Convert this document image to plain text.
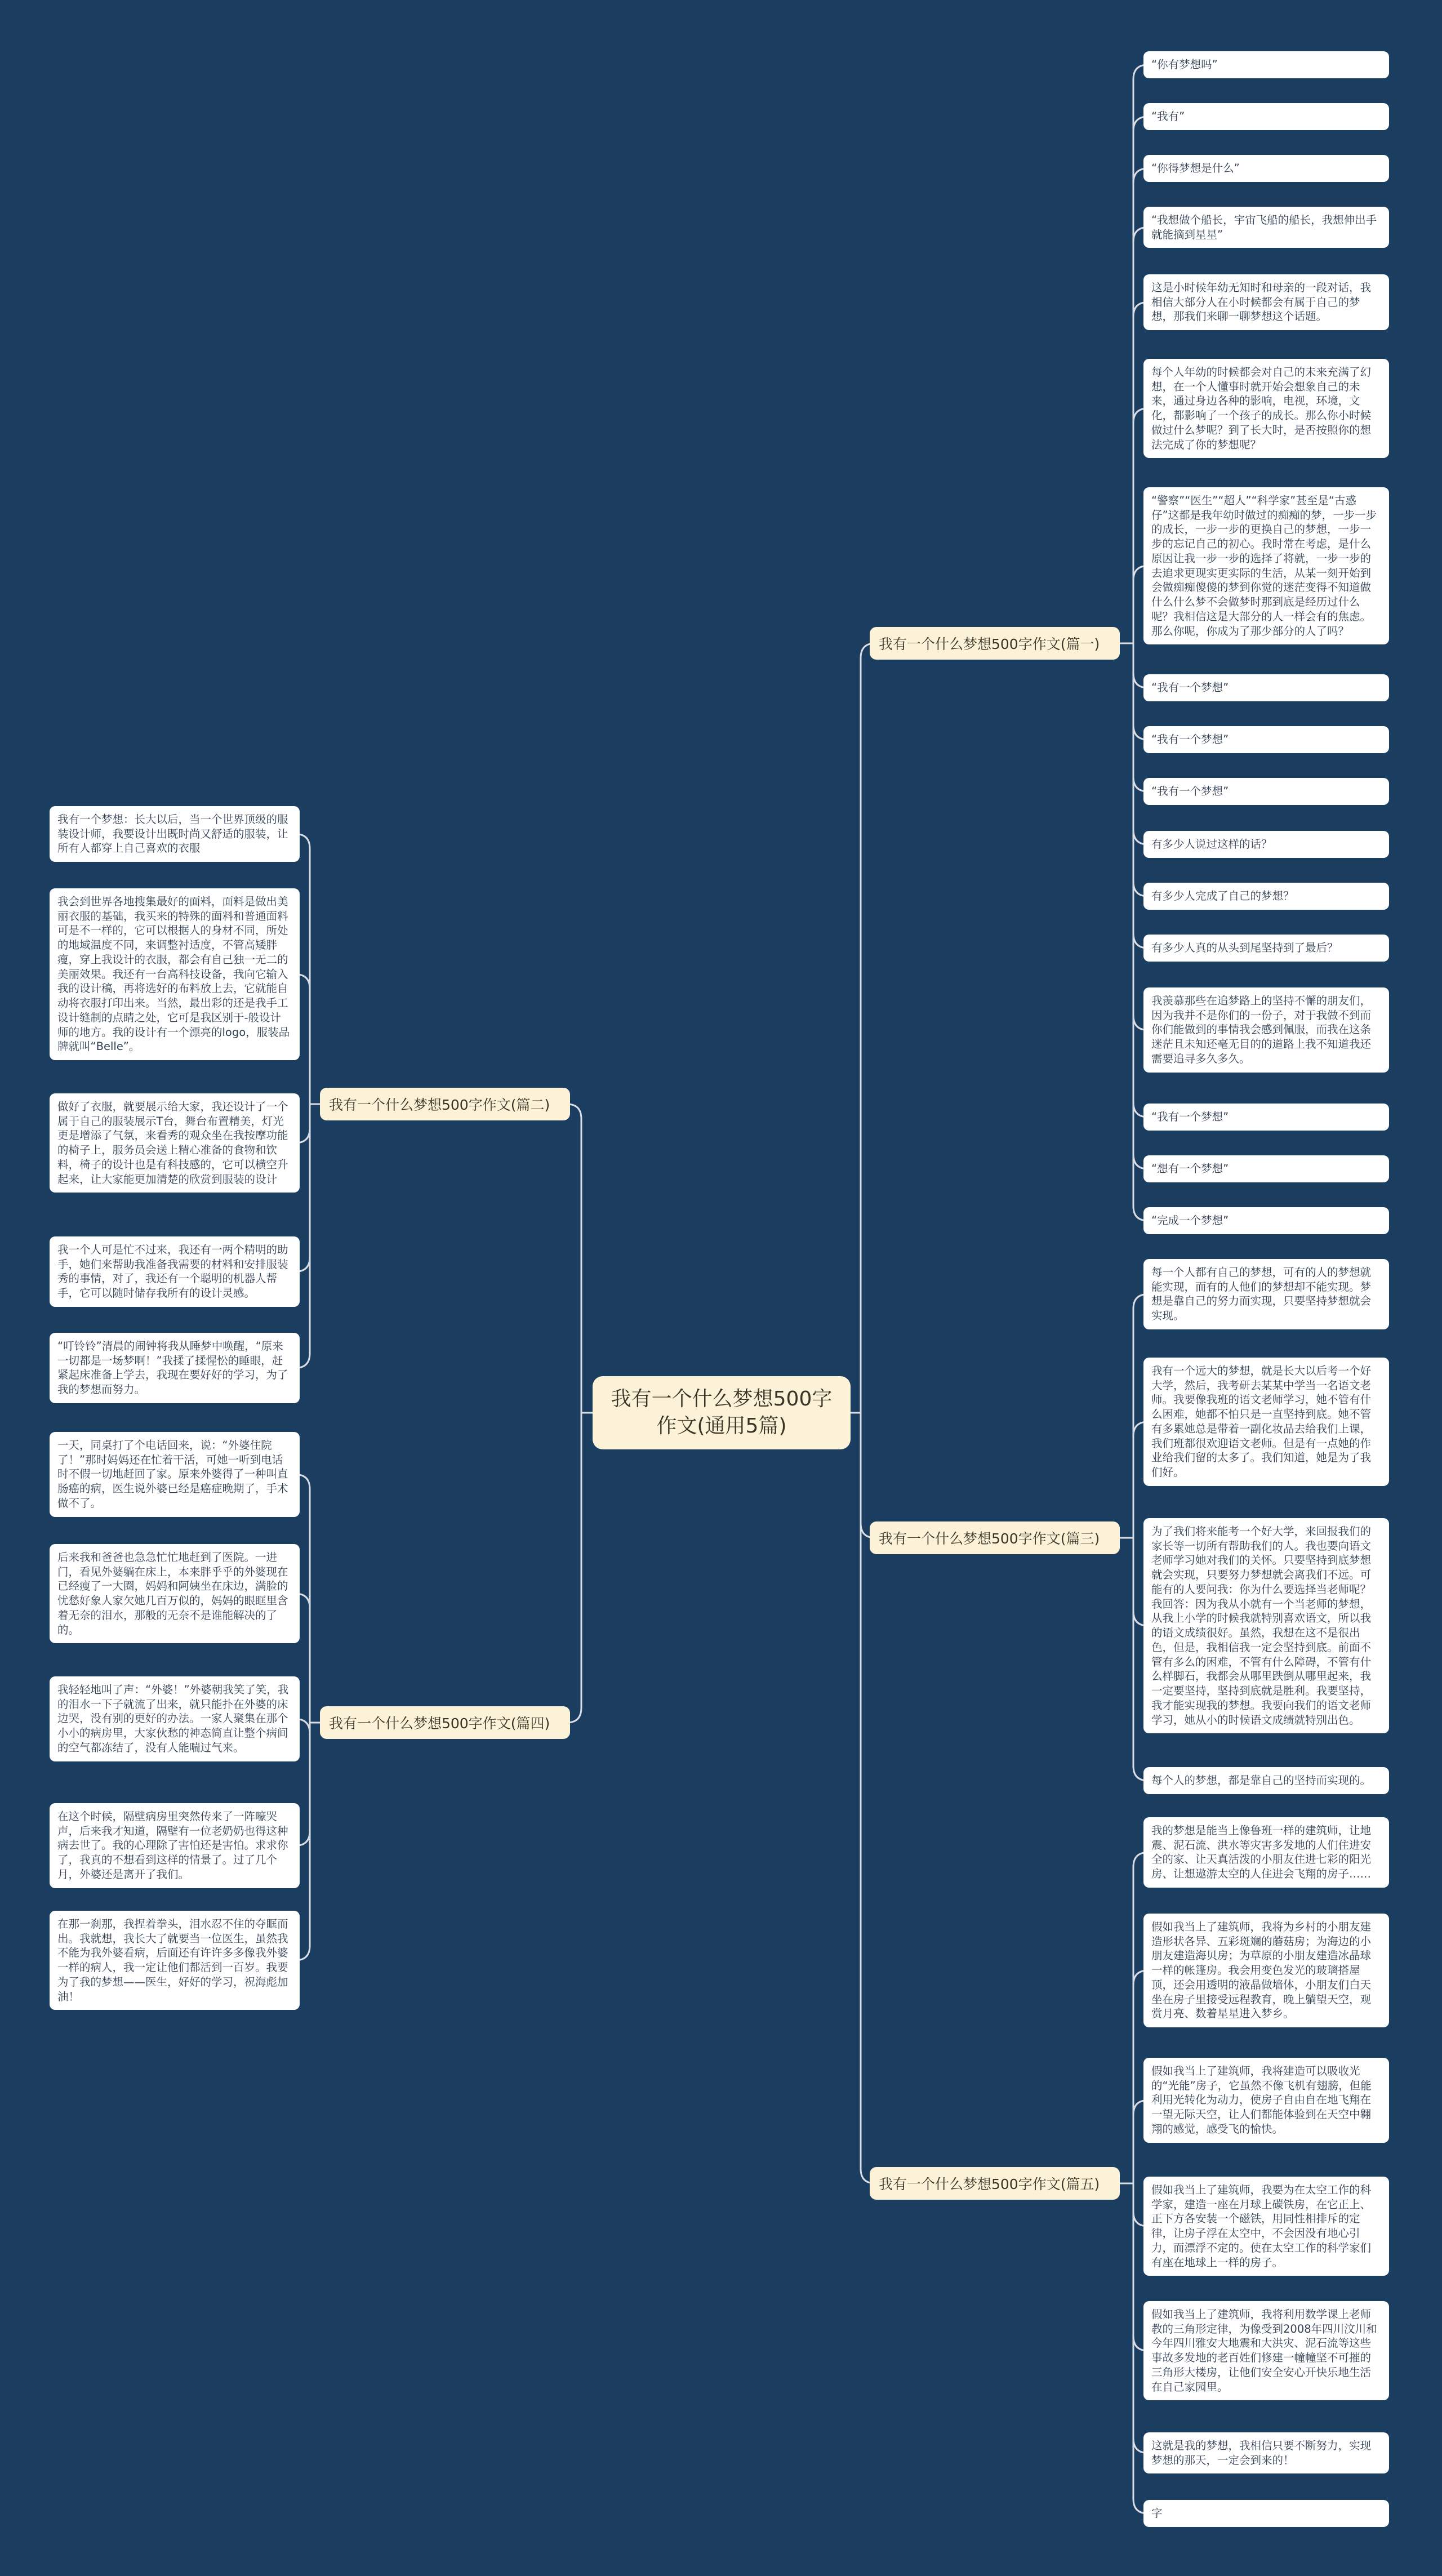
我有一个什么梦想500字作文(通用5篇)
我有一个什么梦想500字作文(篇一)
我有一个什么梦想500字作文(篇二)
我有一个什么梦想500字作文(篇三)
我有一个什么梦想500字作文(篇四)
我有一个什么梦想500字作文(篇五)
“你有梦想吗”
“我有”
“你得梦想是什么”
“我想做个船长，宇宙飞船的船长，我想伸出手就能摘到星星”
这是小时候年幼无知时和母亲的一段对话，我相信大部分人在小时候都会有属于自己的梦想，那我们来聊一聊梦想这个话题。
每个人年幼的时候都会对自己的未来充满了幻想，在一个人懂事时就开始会想象自己的未来，通过身边各种的影响，电视，环境，文化，都影响了一个孩子的成长。那么你小时候做过什么梦呢？到了长大时，是否按照你的想法完成了你的梦想呢？
“警察”“医生”“超人”“科学家”甚至是“古惑仔”这都是我年幼时做过的痴痴的梦，一步一步的成长，一步一步的更换自己的梦想，一步一步的忘记自己的初心。我时常在考虑，是什么原因让我一步一步的选择了将就，一步一步的去追求更现实更实际的生活，从某一刻开始到会做痴痴傻傻的梦到你觉的迷茫变得不知道做什么什么梦不会做梦时那到底是经历过什么呢？我相信这是大部分的人一样会有的焦虑。那么你呢，你成为了那少部分的人了吗？
“我有一个梦想”
“我有一个梦想”
“我有一个梦想”
有多少人说过这样的话？
有多少人完成了自己的梦想？
有多少人真的从头到尾坚持到了最后？
我羡慕那些在追梦路上的坚持不懈的朋友们，因为我并不是你们的一份子，对于我做不到而你们能做到的事情我会感到佩服，而我在这条迷茫且未知还毫无目的的道路上我不知道我还需要追寻多久多久。
“我有一个梦想”
“想有一个梦想”
“完成一个梦想”
我有一个梦想：长大以后，当一个世界顶级的服装设计师，我要设计出既时尚又舒适的服装，让所有人都穿上自己喜欢的衣服
我会到世界各地搜集最好的面料，面料是做出美丽衣服的基础，我买来的特殊的面料和普通面料可是不一样的，它可以根据人的身材不同，所处的地域温度不同，来调整衬适度，不管高矮胖瘦，穿上我设计的衣服，都会有自己独一无二的美丽效果。我还有一台高科技设备，我向它输入我的设计稿，再将选好的布料放上去，它就能自动将衣服打印出来。当然，最出彩的还是我手工设计缝制的点睛之处，它可是我区别于-般设计师的地方。我的设计有一个漂亮的logo，服装品牌就叫“Belle”。
做好了衣服，就要展示给大家，我还设计了一个属于自己的服装展示T台，舞台布置精美，灯光更是增添了气氛，来看秀的观众坐在我按摩功能的椅子上，服务员会送上精心准备的食物和饮料，椅子的设计也是有科技感的，它可以横空升起来，让大家能更加清楚的欣赏到服装的设计
我一个人可是忙不过来，我还有一两个精明的助手，她们来帮助我准备我需要的材料和安排服装秀的事情，对了，我还有一个聪明的机器人帮手，它可以随时储存我所有的设计灵感。
“叮铃铃”清晨的闹钟将我从睡梦中唤醒，“原来一切都是一场梦啊！”我揉了揉惺忪的睡眼，赶紧起床准备上学去，我现在要好好的学习，为了我的梦想而努力。
每一个人都有自己的梦想，可有的人的梦想就能实现，而有的人他们的梦想却不能实现。梦想是靠自己的努力而实现，只要坚持梦想就会实现。
我有一个远大的梦想，就是长大以后考一个好大学，然后，我考研去某某中学当一名语文老师。我要像我班的语文老师学习，她不管有什么困难，她都不怕只是一直坚持到底。她不管有多累她总是带着一副化妆品去给我们上课，我们班都很欢迎语文老师。但是有一点她的作业给我们留的太多了。我们知道，她是为了我们好。
为了我们将来能考一个好大学，来回报我们的家长等一切所有帮助我们的人。我也要向语文老师学习她对我们的关怀。只要坚持到底梦想就会实现，只要努力梦想就会离我们不远。可能有的人要问我：你为什么要选择当老师呢？我回答：因为我从小就有一个当老师的梦想，从我上小学的时候我就特别喜欢语文，所以我的语文成绩很好。虽然，我想在这不是很出色，但是，我相信我一定会坚持到底。前面不管有多么的困难，不管有什么障碍，不管有什么样脚石，我都会从哪里跌倒从哪里起来，我一定要坚持，坚持到底就是胜利。我要坚持，我才能实现我的梦想。我要向我们的语文老师学习，她从小的时候语文成绩就特别出色。
每个人的梦想，都是靠自己的坚持而实现的。
一天，同桌打了个电话回来，说：“外婆住院了！”那时妈妈还在忙着干活，可她一听到电话时不假一切地赶回了家。原来外婆得了一种叫直肠癌的病，医生说外婆已经是癌症晚期了，手术做不了。
后来我和爸爸也急急忙忙地赶到了医院。一进门，看见外婆躺在床上，本来胖乎乎的外婆现在已经瘦了一大圈，妈妈和阿姨坐在床边，满脸的忧愁好象人家欠她几百万似的，妈妈的眼眶里含着无奈的泪水，那般的无奈不是谁能解决的了的。
我轻轻地叫了声：“外婆！”外婆朝我笑了笑，我的泪水一下子就流了出来，就只能扑在外婆的床边哭，没有别的更好的办法。一家人聚集在那个小小的病房里，大家伙愁的神态简直让整个病间的空气都冻结了，没有人能喘过气来。
在这个时候，隔壁病房里突然传来了一阵嚎哭声，后来我才知道，隔壁有一位老奶奶也得这种病去世了。我的心理除了害怕还是害怕。求求你了，我真的不想看到这样的情景了。过了几个月，外婆还是离开了我们。
在那一刹那，我捏着拳头，泪水忍不住的夺眶而出。我就想，我长大了就要当一位医生，虽然我不能为我外婆看病，后面还有许许多多像我外婆一样的病人，我一定让他们都活到一百岁。我要为了我的梦想——医生，好好的学习，祝海彪加油！
我的梦想是能当上像鲁班一样的建筑师，让地震、泥石流、洪水等灾害多发地的人们住进安全的家、让天真活泼的小朋友住进七彩的阳光房、让想遨游太空的人住进会飞翔的房子……
假如我当上了建筑师，我将为乡村的小朋友建造形状各异、五彩斑斓的蘑菇房；为海边的小朋友建造海贝房；为草原的小朋友建造冰晶球一样的帐篷房。我会用变色发光的玻璃搭屋顶，还会用透明的液晶做墙体，小朋友们白天坐在房子里接受远程教育，晚上躺望天空，观赏月亮、数着星星进入梦乡。
假如我当上了建筑师，我将建造可以吸收光的“光能”房子，它虽然不像飞机有翅膀，但能利用光转化为动力，使房子自由自在地飞翔在一望无际天空，让人们都能体验到在天空中翱翔的感觉，感受飞的愉快。
假如我当上了建筑师，我要为在太空工作的科学家，建造一座在月球上碳铁房，在它正上、正下方各安装一个磁铁，用同性相排斥的定律，让房子浮在太空中，不会因没有地心引力，而漂浮不定的。使在太空工作的科学家们有座在地球上一样的房子。
假如我当上了建筑师，我将利用数学课上老师教的三角形定律，为像受到2008年四川汶川和今年四川雅安大地震和大洪灾、泥石流等这些事故多发地的老百姓们修建一幢幢坚不可摧的三角形大楼房，让他们安全安心开快乐地生活在自己家园里。
这就是我的梦想，我相信只要不断努力，实现梦想的那天，一定会到来的！
字
